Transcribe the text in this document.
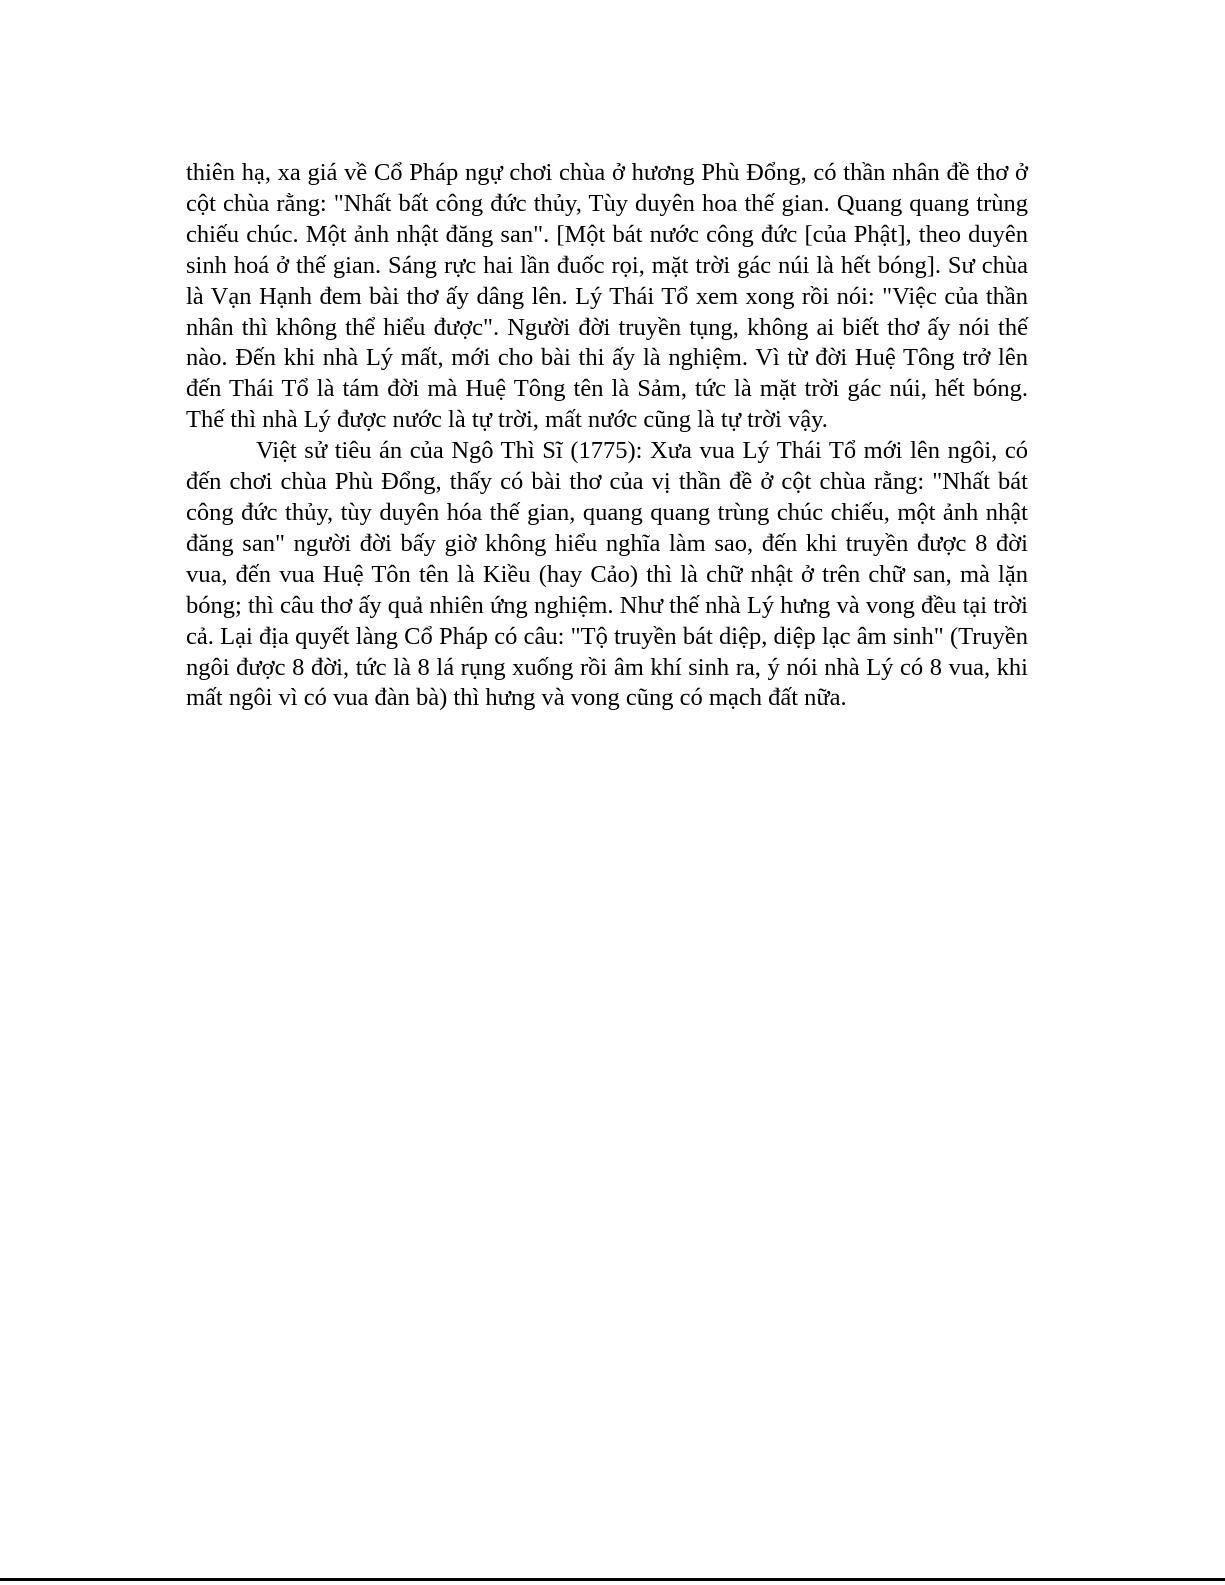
thiên hạ, xa giá về Cổ Pháp ngự chơi chùa ở hương Phù Đổng, có thần nhân đề thơ ở cột chùa rằng: "Nhất bất công đức thủy, Tùy duyên hoa thế gian. Quang quang trùng chiếu chúc. Một ảnh nhật đăng san". [Một bát nước công đức [của Phật], theo duyên sinh hoá ở thế gian. Sáng rực hai lần đuốc rọi, mặt trời gác núi là hết bóng]. Sư chùa là Vạn Hạnh đem bài thơ ấy dâng lên. Lý Thái Tổ xem xong rồi nói: "Việc của thần nhân thì không thể hiểu được". Người đời truyền tụng, không ai biết thơ ấy nói thế nào. Đến khi nhà Lý mất, mới cho bài thi ấy là nghiệm. Vì từ đời Huệ Tông trở lên đến Thái Tổ là tám đời mà Huệ Tông tên là Sảm, tức là mặt trời gác núi, hết bóng. Thế thì nhà Lý được nước là tự trời, mất nước cũng là tự trời vậy.

Việt sử tiêu án của Ngô Thì Sĩ (1775): Xưa vua Lý Thái Tổ mới lên ngôi, có đến chơi chùa Phù Đổng, thấy có bài thơ của vị thần đề ở cột chùa rằng: "Nhất bát công đức thủy, tùy duyên hóa thế gian, quang quang trùng chúc chiếu, một ảnh nhật đăng san" người đời bấy giờ không hiểu nghĩa làm sao, đến khi truyền được 8 đời vua, đến vua Huệ Tôn tên là Kiều (hay Cảo) thì là chữ nhật ở trên chữ san, mà lặn bóng; thì câu thơ ấy quả nhiên ứng nghiệm. Như thế nhà Lý hưng và vong đều tại trời cả. Lại địa quyết làng Cổ Pháp có câu: "Tộ truyền bát diệp, diệp lạc âm sinh" (Truyền ngôi được 8 đời, tức là 8 lá rụng xuống rồi âm khí sinh ra, ý nói nhà Lý có 8 vua, khi mất ngôi vì có vua đàn bà) thì hưng và vong cũng có mạch đất nữa.
